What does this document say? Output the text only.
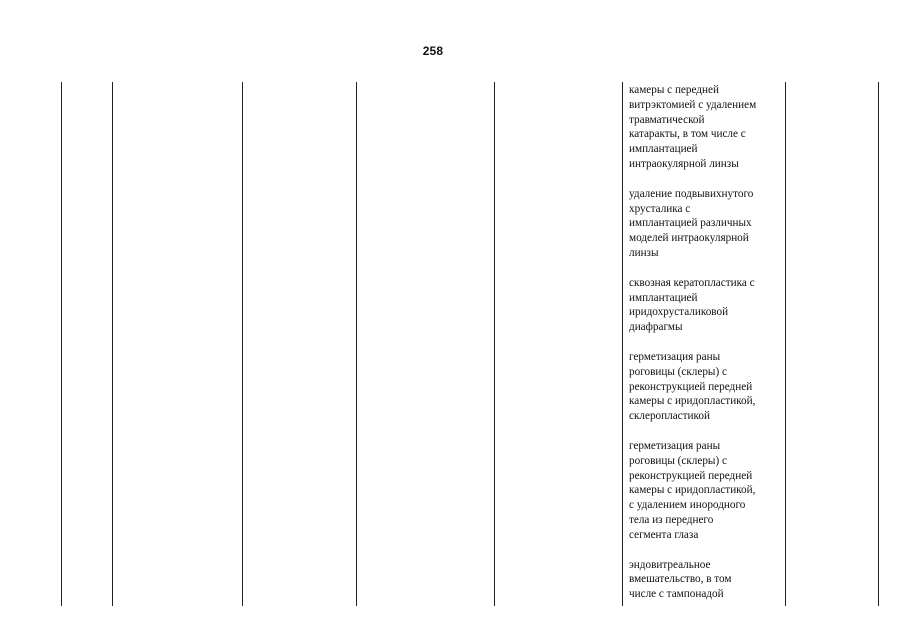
258
камеры с передней
витрэктомией с удалением
травматической
катаракты, в том числе с
имплантацией
интраокулярной линзы
удаление подвывихнутого
хрусталика с
имплантацией различных
моделей интраокулярной
линзы
сквозная кератопластика с
имплантацией
иридохрусталиковой
диафрагмы
герметизация раны
роговицы (склеры) с
реконструкцией передней
камеры с иридопластикой,
склеропластикой
герметизация раны
роговицы (склеры) с
реконструкцией передней
камеры с иридопластикой,
с удалением инородного
тела из переднего
сегмента глаза
эндовитреальное
вмешательство, в том
числе с тампонадой
